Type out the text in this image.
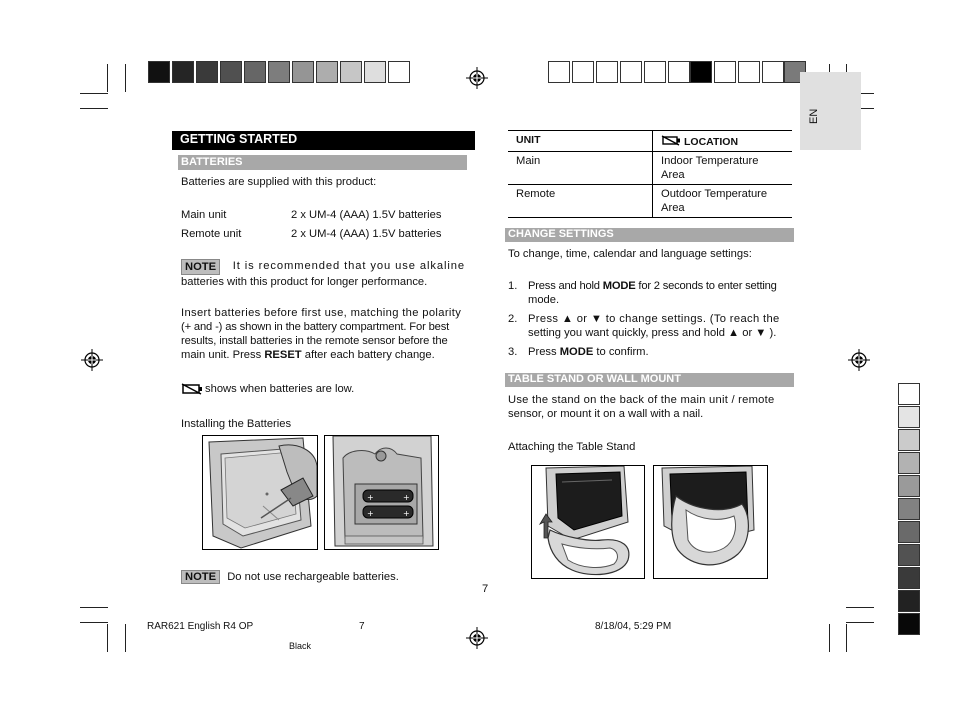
EN
GETTING STARTED
BATTERIES
Batteries are supplied with this product:
Main unit	2 x UM-4 (AAA) 1.5V batteries
Remote unit	2 x UM-4 (AAA) 1.5V batteries
NOTE	It is recommended that you use alkaline
batteries with this product for longer performance.
Insert batteries before first use, matching the polarity
(+ and -) as shown in the battery compartment. For best
results, install batteries in the remote sensor before the
main unit. Press RESET after each battery change.
shows when batteries are low.
Installing the Batteries
+	+
+	+
NOTE Do not use rechargeable batteries.
7
UNIT	LOCATION
Main	Indoor Temperature
Area

Remote	Outdoor Temperature
Area
CHANGE SETTINGS
To change, time, calendar and language settings:
1. Press and hold MODE for 2 seconds to enter setting
mode.
2. Press ▲ or ▼ to change settings. (To reach the
setting you want quickly, press and hold ▲ or ▼ ).
3. Press MODE to confirm.
TABLE STAND OR WALL MOUNT
Use the stand on the back of the main unit / remote
sensor, or mount it on a wall with a nail.
Attaching the Table Stand
RAR621 English R4 OP	7	8/18/04, 5:29 PM
Black
